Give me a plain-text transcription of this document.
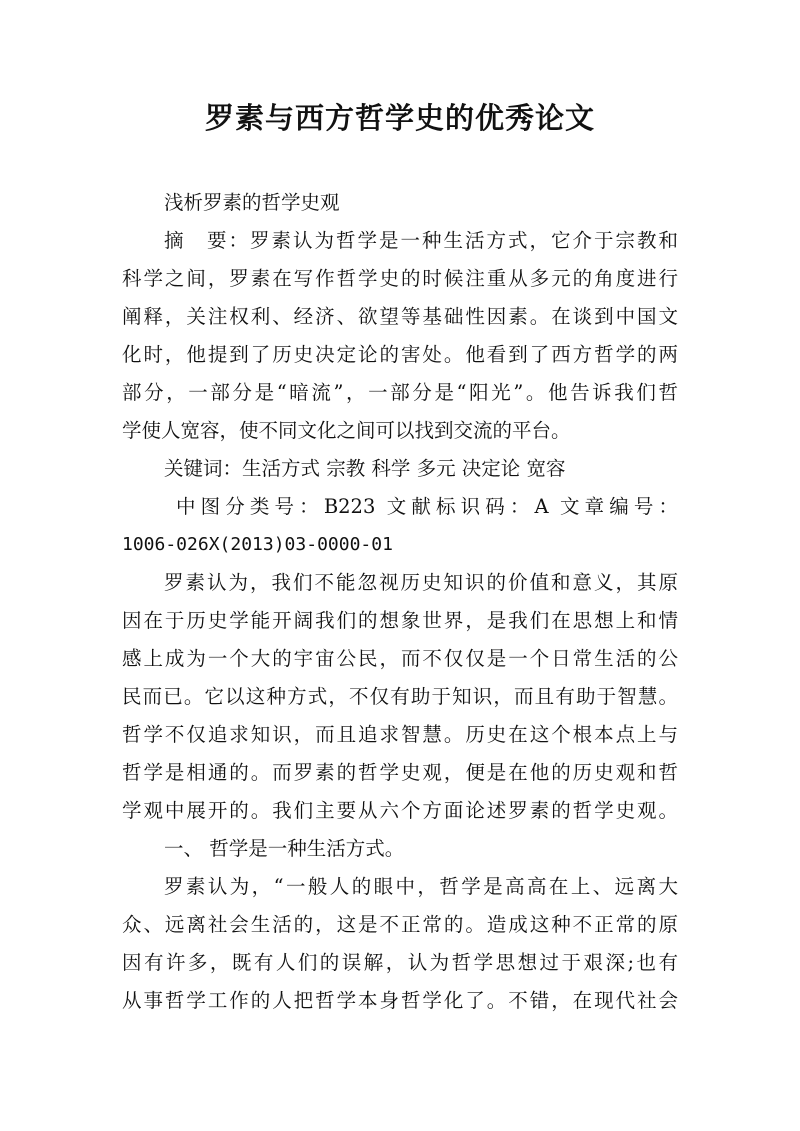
罗素与西方哲学史的优秀论文
浅析罗素的哲学史观
摘　要：罗素认为哲学是一种生活方式，它介于宗教和
科学之间，罗素在写作哲学史的时候注重从多元的角度进行
阐释，关注权利、经济、欲望等基础性因素。在谈到中国文
化时，他提到了历史决定论的害处。他看到了西方哲学的两
部分，一部分是“暗流”，一部分是“阳光”。他告诉我们哲
学使人宽容，使不同文化之间可以找到交流的平台。
关键词：生活方式 宗教 科学 多元 决定论 宽容
中图分类号：B223 文献标识码：A 文章编号：
1006-026X(2013)03-0000-01
罗素认为，我们不能忽视历史知识的价值和意义，其原
因在于历史学能开阔我们的想象世界，是我们在思想上和情
感上成为一个大的宇宙公民，而不仅仅是一个日常生活的公
民而已。它以这种方式，不仅有助于知识，而且有助于智慧。
哲学不仅追求知识，而且追求智慧。历史在这个根本点上与
哲学是相通的。而罗素的哲学史观，便是在他的历史观和哲
学观中展开的。我们主要从六个方面论述罗素的哲学史观。
一、 哲学是一种生活方式。
罗素认为，“一般人的眼中，哲学是高高在上、远离大
众、远离社会生活的，这是不正常的。造成这种不正常的原
因有许多，既有人们的误解，认为哲学思想过于艰深;也有
从事哲学工作的人把哲学本身哲学化了。不错，在现代社会
